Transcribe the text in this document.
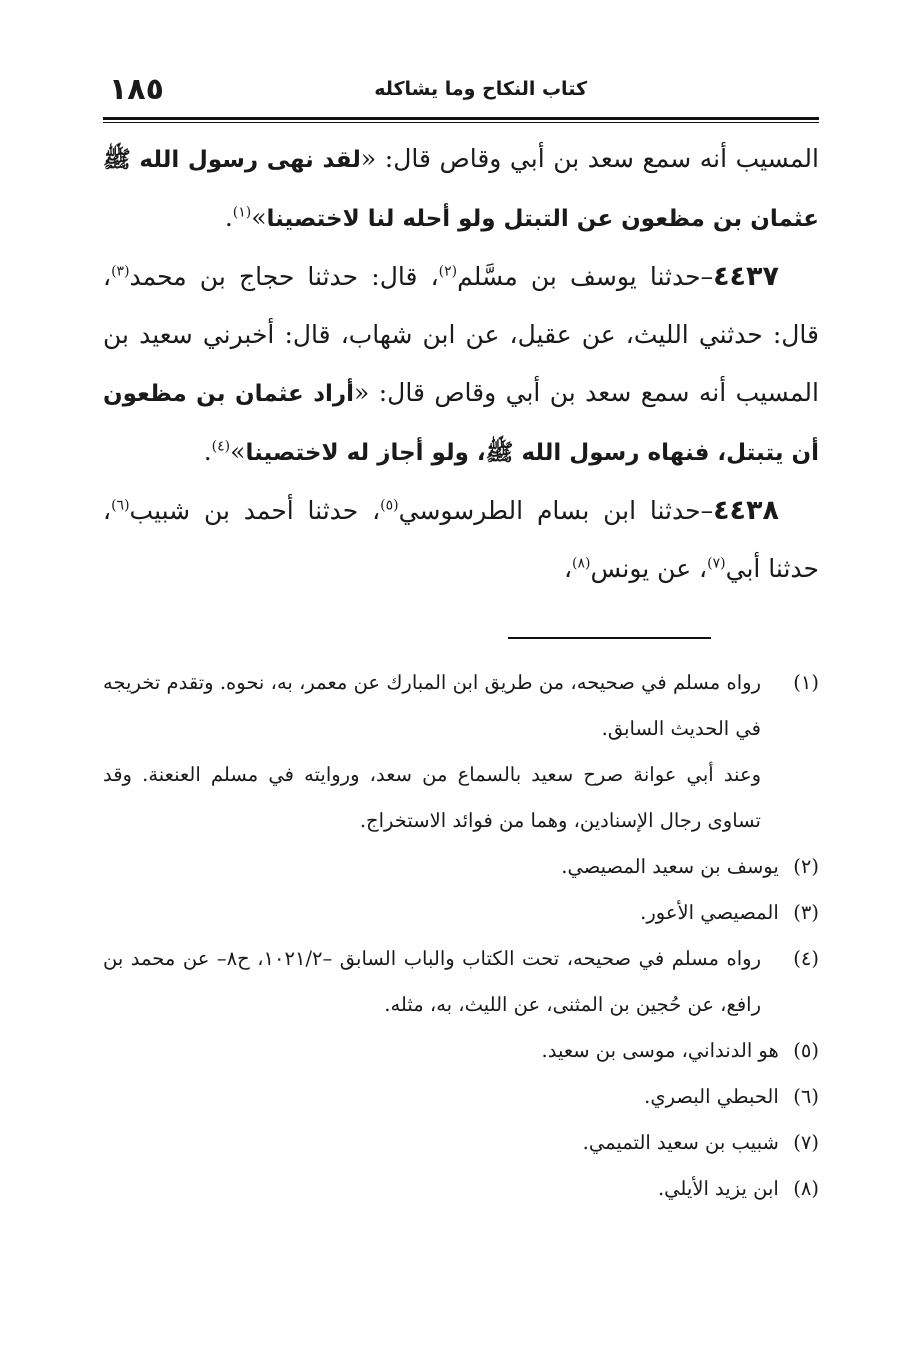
١٨٥	كتاب النكاح وما يشاكله

المسيب أنه سمع سعد بن أبي وقاص قال: «لقد نهى رسول الله ﷺ عثمان بن مظعون عن التبتل ولو أحله لنا لاختصينا»$^{(١)}$.

٤٤٣٧–حدثنا يوسف بن مسَّلم$^{(٢)}$، قال: حدثنا حجاج بن محمد$^{(٣)}$، قال: حدثني الليث، عن عقيل، عن ابن شهاب، قال: أخبرني سعيد بن المسيب أنه سمع سعد بن أبي وقاص قال: «أراد عثمان بن مظعون أن يتبتل، فنهاه رسول الله ﷺ، ولو أجاز له لاختصينا»$^{(٤)}$.

٤٤٣٨–حدثنا ابن بسام الطرسوسي$^{(٥)}$، حدثنا أحمد بن شبيب$^{(٦)}$، حدثنا أبي$^{(٧)}$، عن يونس$^{(٨)}$،

(١)رواه مسلم في صحيحه، من طريق ابن المبارك عن معمر، به، نحوه. وتقدم تخريجه في الحديث السابق.

وعند أبي عوانة صرح سعيد بالسماع من سعد، وروايته في مسلم العنعنة. وقد تساوى رجال الإسنادين، وهما من فوائد الاستخراج.

(٢) يوسف بن سعيد المصيصي.

(٣) المصيصي الأعور.

(٤)رواه مسلم في صحيحه، تحت الكتاب والباب السابق –١٠٢١/٢، ح٨– عن محمد بن رافع، عن حُجين بن المثنى، عن الليث، به، مثله.

(٥) هو الدنداني، موسى بن سعيد.

(٦) الحبطي البصري.

(٧) شبيب بن سعيد التميمي.

(٨) ابن يزيد الأيلي.
